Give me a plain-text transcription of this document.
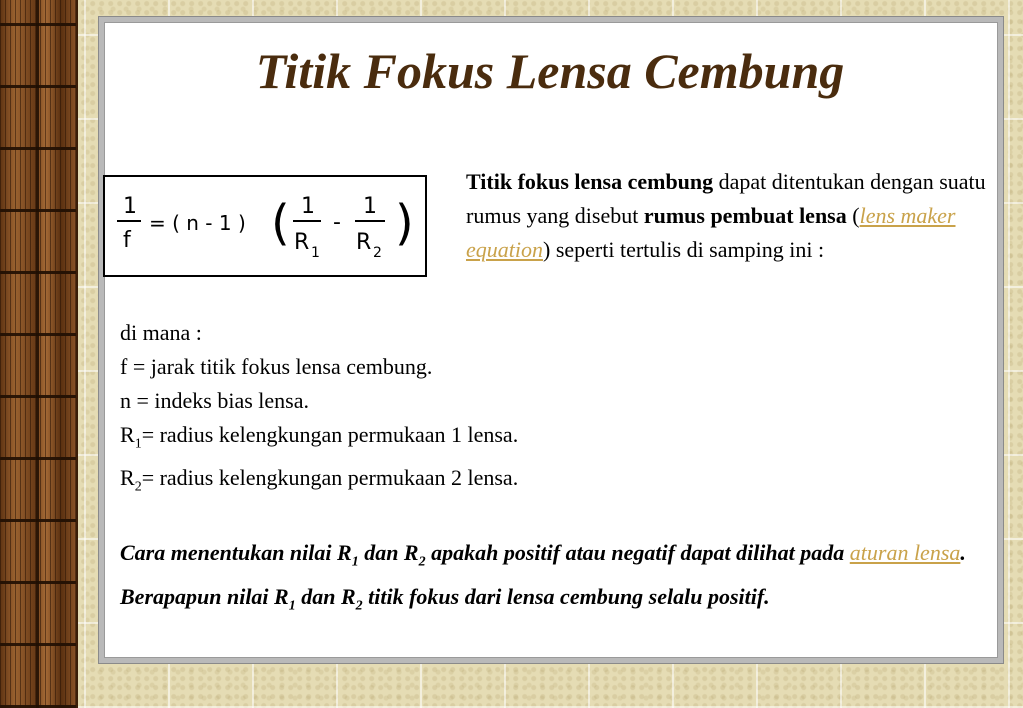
Titik Fokus Lensa Cembung
1
f
= ( n - 1 ) ( 1
R 1
-
1
R 2
)
Titik fokus lensa cembung dapat ditentukan dengan suatu rumus yang disebut rumus pembuat lensa (lens maker equation) seperti tertulis di samping ini :
di mana :
f = jarak titik fokus lensa cembung.
n = indeks bias lensa.
$R_1=$ radius kelengkungan permukaan 1 lensa.
$R_2=$ radius kelengkungan permukaan 2 lensa.
Cara menentukan nilai $R_1$ dan $R_2$ apakah positif atau negatif dapat dilihat pada aturan lensa. Berapapun nilai $R_1$ dan $R_2$ titik fokus dari lensa cembung selalu positif.
